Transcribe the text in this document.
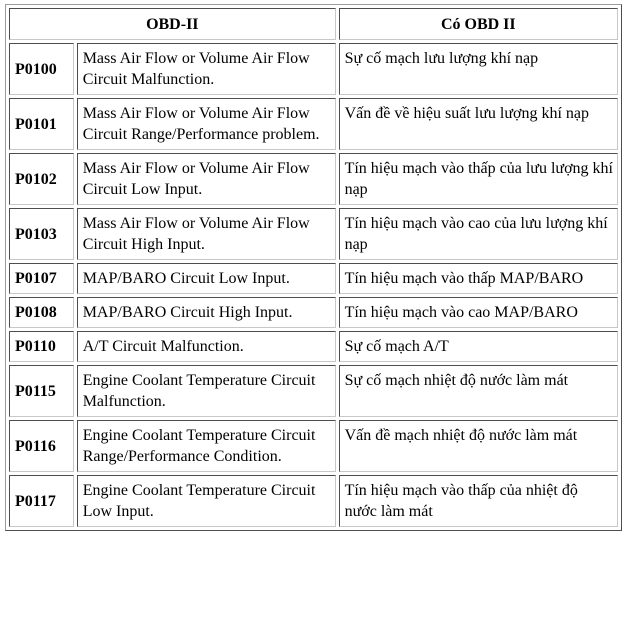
OBD-II		Có OBD II
P0100	Mass Air Flow or Volume Air Flow Circuit Malfunction.	Sự cố mạch lưu lượng khí nạp
P0101	Mass Air Flow or Volume Air Flow Circuit Range/Performance problem.	Vấn đề về hiệu suất lưu lượng khí nạp
P0102	Mass Air Flow or Volume Air Flow Circuit Low Input.	Tín hiệu mạch vào thấp của lưu lượng khí nạp
P0103	Mass Air Flow or Volume Air Flow Circuit High Input.	Tín hiệu mạch vào cao của lưu lượng khí nạp
P0107	MAP/BARO Circuit Low Input.	Tín hiệu mạch vào thấp MAP/BARO
P0108	MAP/BARO Circuit High Input.	Tín hiệu mạch vào cao MAP/BARO
P0110	A/T Circuit Malfunction.	Sự cố mạch A/T
P0115	Engine Coolant Temperature Circuit Malfunction.	Sự cố mạch nhiệt độ nước làm mát
P0116	Engine Coolant Temperature Circuit Range/Performance Condition.	Vấn đề mạch nhiệt độ nước làm mát
P0117	Engine Coolant Temperature Circuit Low Input.	Tín hiệu mạch vào thấp của nhiệt độ nước làm mát
